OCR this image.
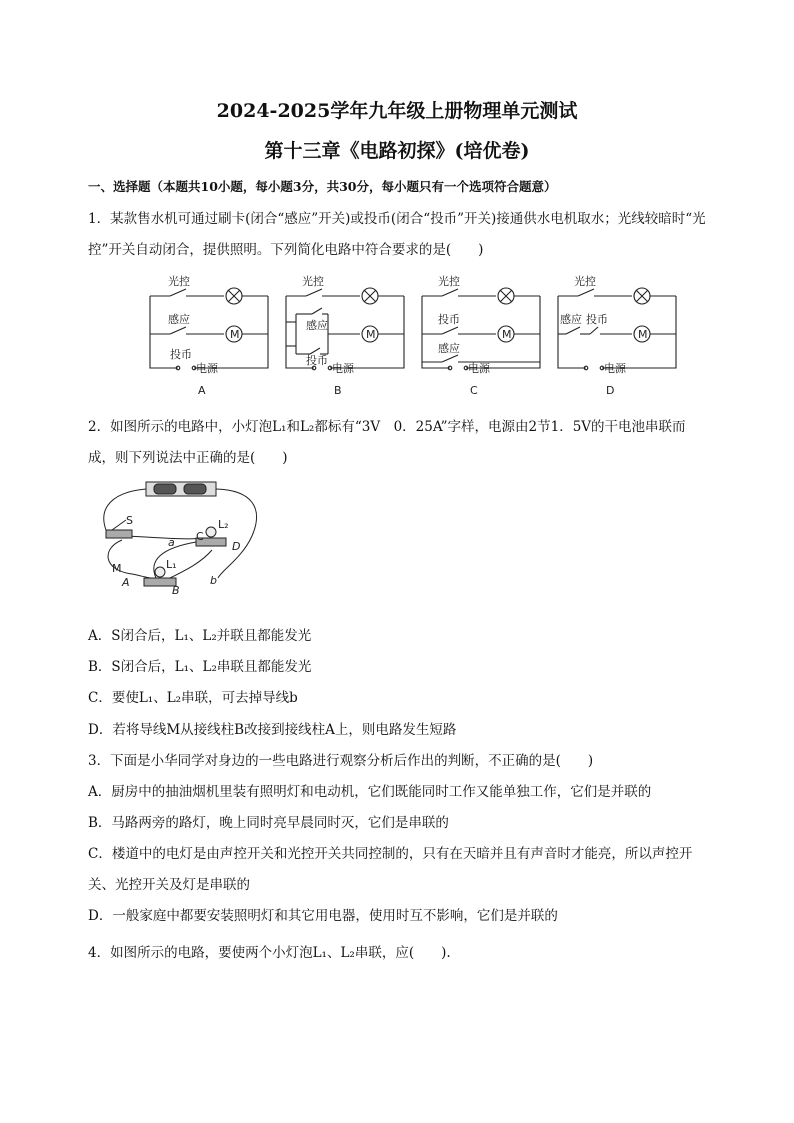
2024-2025学年九年级上册物理单元测试
第十三章《电路初探》(培优卷)
一、选择题（本题共10小题，每小题3分，共30分，每小题只有一个选项符合题意）
1．某款售水机可通过刷卡(闭合“感应”开关)或投币(闭合“投币”开关)接通供水电机取水；光线较暗时“光
控”开关自动闭合，提供照明。下列简化电路中符合要求的是(　　)
光控
感应
投币
电源
M
A
光控
感应
投币
电源
M
B
光控
投币
感应
电源
M
C
光控
感应 投币
电源
M
D
2．如图所示的电路中，小灯泡L₁和L₂都标有“3V　0．25A”字样，电源由2节1．5V的干电池串联而
成，则下列说法中正确的是(　　)
S	L₂
C
D
a
b
M
A
B
L₁
A．S闭合后，L₁、L₂并联且都能发光
B．S闭合后，L₁、L₂串联且都能发光
C．要使L₁、L₂串联，可去掉导线b
D．若将导线M从接线柱B改接到接线柱A上，则电路发生短路
3．下面是小华同学对身边的一些电路进行观察分析后作出的判断，不正确的是(　　)
A．厨房中的抽油烟机里装有照明灯和电动机，它们既能同时工作又能单独工作，它们是并联的
B．马路两旁的路灯，晚上同时亮早晨同时灭，它们是串联的
C．楼道中的电灯是由声控开关和光控开关共同控制的，只有在天暗并且有声音时才能亮，所以声控开
关、光控开关及灯是串联的
D．一般家庭中都要安装照明灯和其它用电器，使用时互不影响，它们是并联的
4．如图所示的电路，要使两个小灯泡L₁、L₂串联，应(　　).
